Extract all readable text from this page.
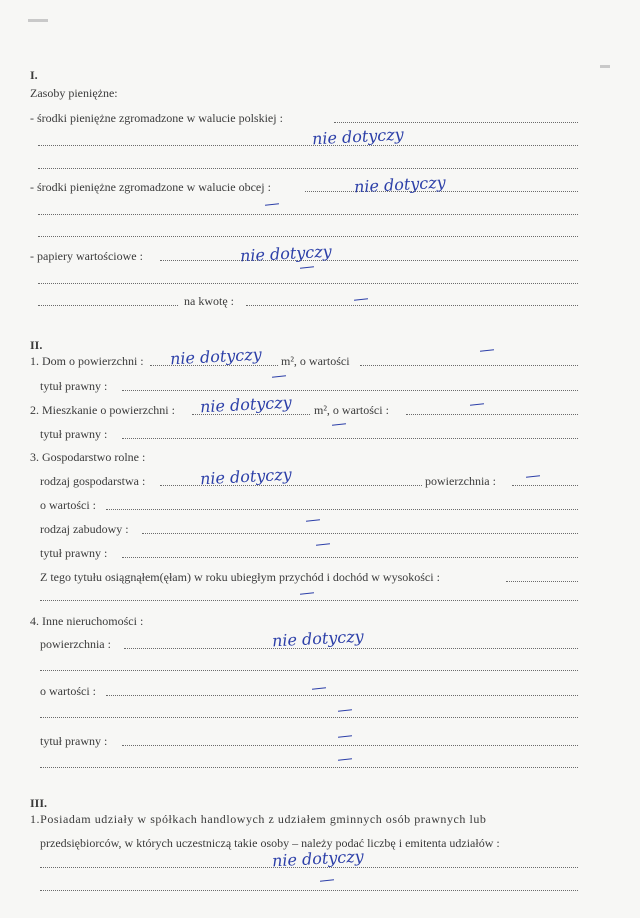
▬▬
▬
I.
Zasoby pieniężne:
- środki pieniężne zgromadzone w walucie polskiej :
nie dotyczy
- środki pieniężne zgromadzone w walucie obcej :	nie dotyczy
- papiery wartościowe :	nie dotyczy
na kwotę :
II.
1. Dom o powierzchni : nie dotyczy m², o wartości
tytuł prawny :
2. Mieszkanie o powierzchni : nie dotyczy m², o wartości :
tytuł prawny :
3. Gospodarstwo rolne :
rodzaj gospodarstwa :	nie dotyczy	powierzchnia :
o wartości :
rodzaj zabudowy :
tytuł prawny :
Z tego tytułu osiągnąłem(ęłam) w roku ubiegłym przychód i dochód w wysokości :
4. Inne nieruchomości :
powierzchnia :	nie dotyczy
o wartości :
tytuł prawny :
III.
1.Posiadam udziały w spółkach handlowych z udziałem gminnych osób prawnych lub
przedsiębiorców, w których uczestniczą takie osoby – należy podać liczbę i emitenta udziałów :
nie dotyczy
